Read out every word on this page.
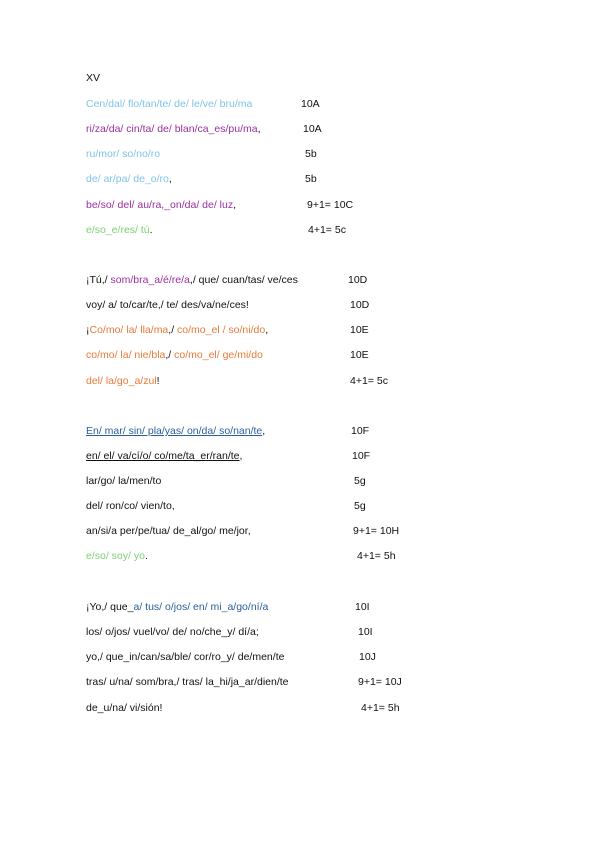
XV
Cen/dal/ flo/tan/te/ de/ le/ve/ bru/ma	10A
ri/za/da/ cin/ta/ de/ blan/ca_es/pu/ma,	10A
ru/mor/ so/no/ro	5b
de/ ar/pa/ de_o/ro,	5b
be/so/ del/ au/ra,_on/da/ de/ luz,	9+1= 10C
e/so_e/res/ tú.	4+1= 5c
¡Tú,/ som/bra_a/é/re/a,/ que/ cuan/tas/ ve/ces	10D
voy/ a/ to/car/te,/ te/ des/va/ne/ces!	10D
¡Co/mo/ la/ lla/ma,/ co/mo_el / so/ni/do,	10E
co/mo/ la/ nie/bla,/ co/mo_el/ ge/mi/do	10E
del/ la/go_a/zul!	4+1= 5c
En/ mar/ sin/ pla/yas/ on/da/ so/nan/te,	10F
en/ el/ va/cí/o/ co/me/ta_er/ran/te,	10F
lar/go/ la/men/to	5g
del/ ron/co/ vien/to,	5g
an/si/a per/pe/tua/ de_al/go/ me/jor,	9+1= 10H
e/so/ soy/ yo.	4+1= 5h
¡Yo,/ que_a/ tus/ o/jos/ en/ mi_a/go/ní/a	10I
los/ o/jos/ vuel/vo/ de/ no/che_y/ dí/a;	10I
yo,/ que_in/can/sa/ble/ cor/ro_y/ de/men/te	10J
tras/ u/na/ som/bra,/ tras/ la_hi/ja_ar/dien/te	9+1= 10J
de_u/na/ vi/sión!	4+1= 5h
